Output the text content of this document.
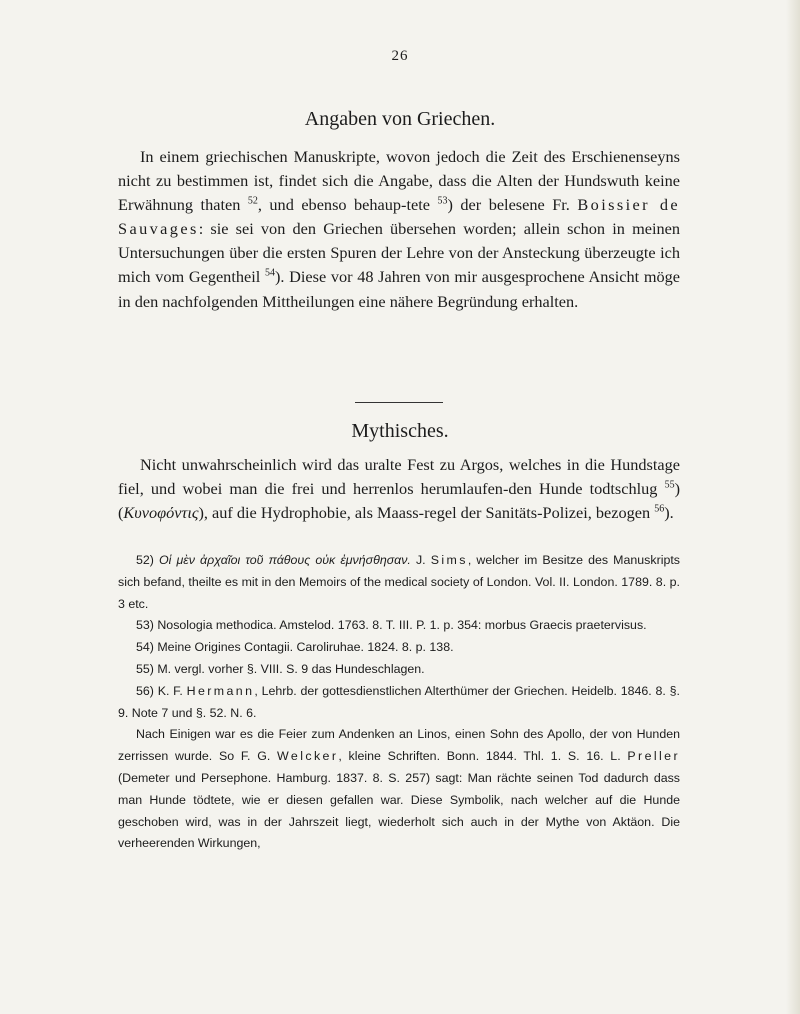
26
Angaben von Griechen.

In einem griechischen Manuskripte, wovon jedoch die Zeit des Erschienenseyns nicht zu bestimmen ist, findet sich die Angabe, dass die Alten der Hundswuth keine Erwähnung thaten $^{52}$, und ebenso behaup-tete $^{53}$) der belesene Fr. Boissier de Sauvages: sie sei von den Griechen übersehen worden; allein schon in meinen Untersuchungen über die ersten Spuren der Lehre von der Ansteckung überzeugte ich mich vom Gegentheil $^{54}$). Diese vor 48 Jahren von mir ausgesprochene Ansicht möge in den nachfolgenden Mittheilungen eine nähere Begründung erhalten.

Mythisches.

Nicht unwahrscheinlich wird das uralte Fest zu Argos, welches in die Hundstage fiel, und wobei man die frei und herrenlos herumlaufen-den Hunde todtschlug $^{55}$) (Κυνοφόντις), auf die Hydrophobie, als Maass-regel der Sanitäts-Polizei, bezogen $^{56}$).

52) Οἱ μὲν ἀρχαῖοι τοῦ πάθους οὐκ ἐμνήσθησαν. J. Sims, welcher im Besitze des Manuskripts sich befand, theilte es mit in den Memoirs of the medical society of London. Vol. II. London. 1789. 8. p. 3 etc.

53) Nosologia methodica. Amstelod. 1763. 8. T. III. P. 1. p. 354: morbus Graecis praetervisus.

54) Meine Origines Contagii. Caroliruhae. 1824. 8. p. 138.

55) M. vergl. vorher §. VIII. S. 9 das Hundeschlagen.

56) K. F. Hermann, Lehrb. der gottesdienstlichen Alterthümer der Griechen. Heidelb. 1846. 8. §. 9. Note 7 und §. 52. N. 6.

Nach Einigen war es die Feier zum Andenken an Linos, einen Sohn des Apollo, der von Hunden zerrissen wurde. So F. G. Welcker, kleine Schriften. Bonn. 1844. Thl. 1. S. 16. L. Preller (Demeter und Persephone. Hamburg. 1837. 8. S. 257) sagt: Man rächte seinen Tod dadurch dass man Hunde tödtete, wie er diesen gefallen war. Diese Symbolik, nach welcher auf die Hunde geschoben wird, was in der Jahrszeit liegt, wiederholt sich auch in der Mythe von Aktäon. Die verheerenden Wirkungen,
